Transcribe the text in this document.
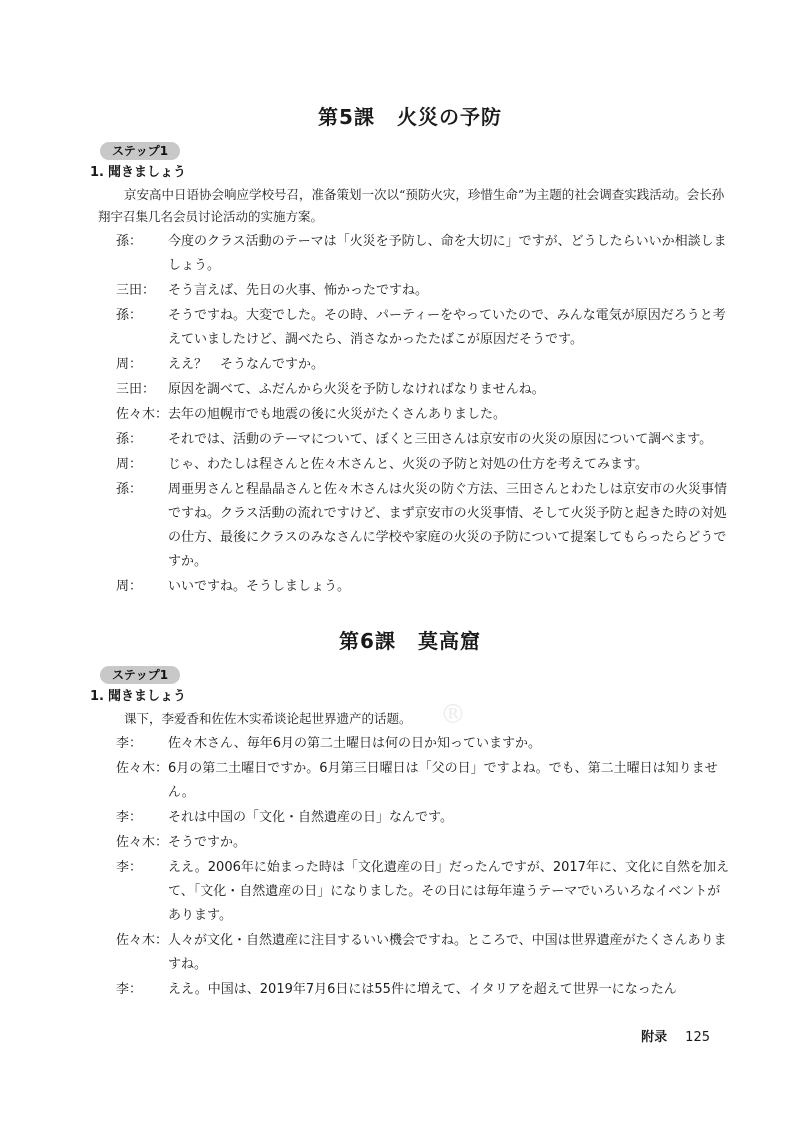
第5課 火災の予防
ステップ1
1. 聞きましょう

京安高中日语协会响应学校号召，准备策划一次以“预防火灾，珍惜生命”为主题的社会调查实践活动。会长孙翔宇召集几名会员讨论活动的实施方案。

孫：	今度のクラス活動のテーマは「火災を予防し、命を大切に」ですが、どうしたらいいか相談しましょう。

三田： そう言えば、先日の火事、怖かったですね。

孫：	そうですね。大変でした。その時、パーティーをやっていたので、みんな電気が原因だろうと考えていましたけど、調べたら、消さなかったたばこが原因だそうです。

周：	ええ？　そうなんですか。

三田： 原因を調べて、ふだんから火災を予防しなければなりませんね。

佐々木： 去年の旭幌市でも地震の後に火災がたくさんありました。

孫：	それでは、活動のテーマについて、ぼくと三田さんは京安市の火災の原因について調べます。

周：	じゃ、わたしは程さんと佐々木さんと、火災の予防と対処の仕方を考えてみます。

孫：	周亜男さんと程晶晶さんと佐々木さんは火災の防ぐ方法、三田さんとわたしは京安市の火災事情ですね。クラス活動の流れですけど、まず京安市の火災事情、そして火災予防と起きた時の対処の仕方、最後にクラスのみなさんに学校や家庭の火災の予防について提案してもらったらどうですか。

周：	いいですね。そうしましょう。

第6課 莫高窟
ステップ1
1. 聞きましょう

课下，李爱香和佐佐木实希谈论起世界遗产的话题。

李：	佐々木さん、毎年6月の第二土曜日は何の日か知っていますか。

佐々木： 6月の第二土曜日ですか。6月第三日曜日は「父の日」ですよね。でも、第二土曜日は知りません。

李：	それは中国の「文化・自然遺産の日」なんです。

佐々木： そうですか。

李：	ええ。2006年に始まった時は「文化遺産の日」だったんですが、2017年に、文化に自然を加えて、「文化・自然遺産の日」になりました。その日には毎年違うテーマでいろいろなイベントがあります。

佐々木： 人々が文化・自然遺産に注目するいい機会ですね。ところで、中国は世界遺産がたくさんありますね。

李：	ええ。中国は、2019年7月6日には55件に増えて、イタリアを超えて世界一になったん

®
附录 125
